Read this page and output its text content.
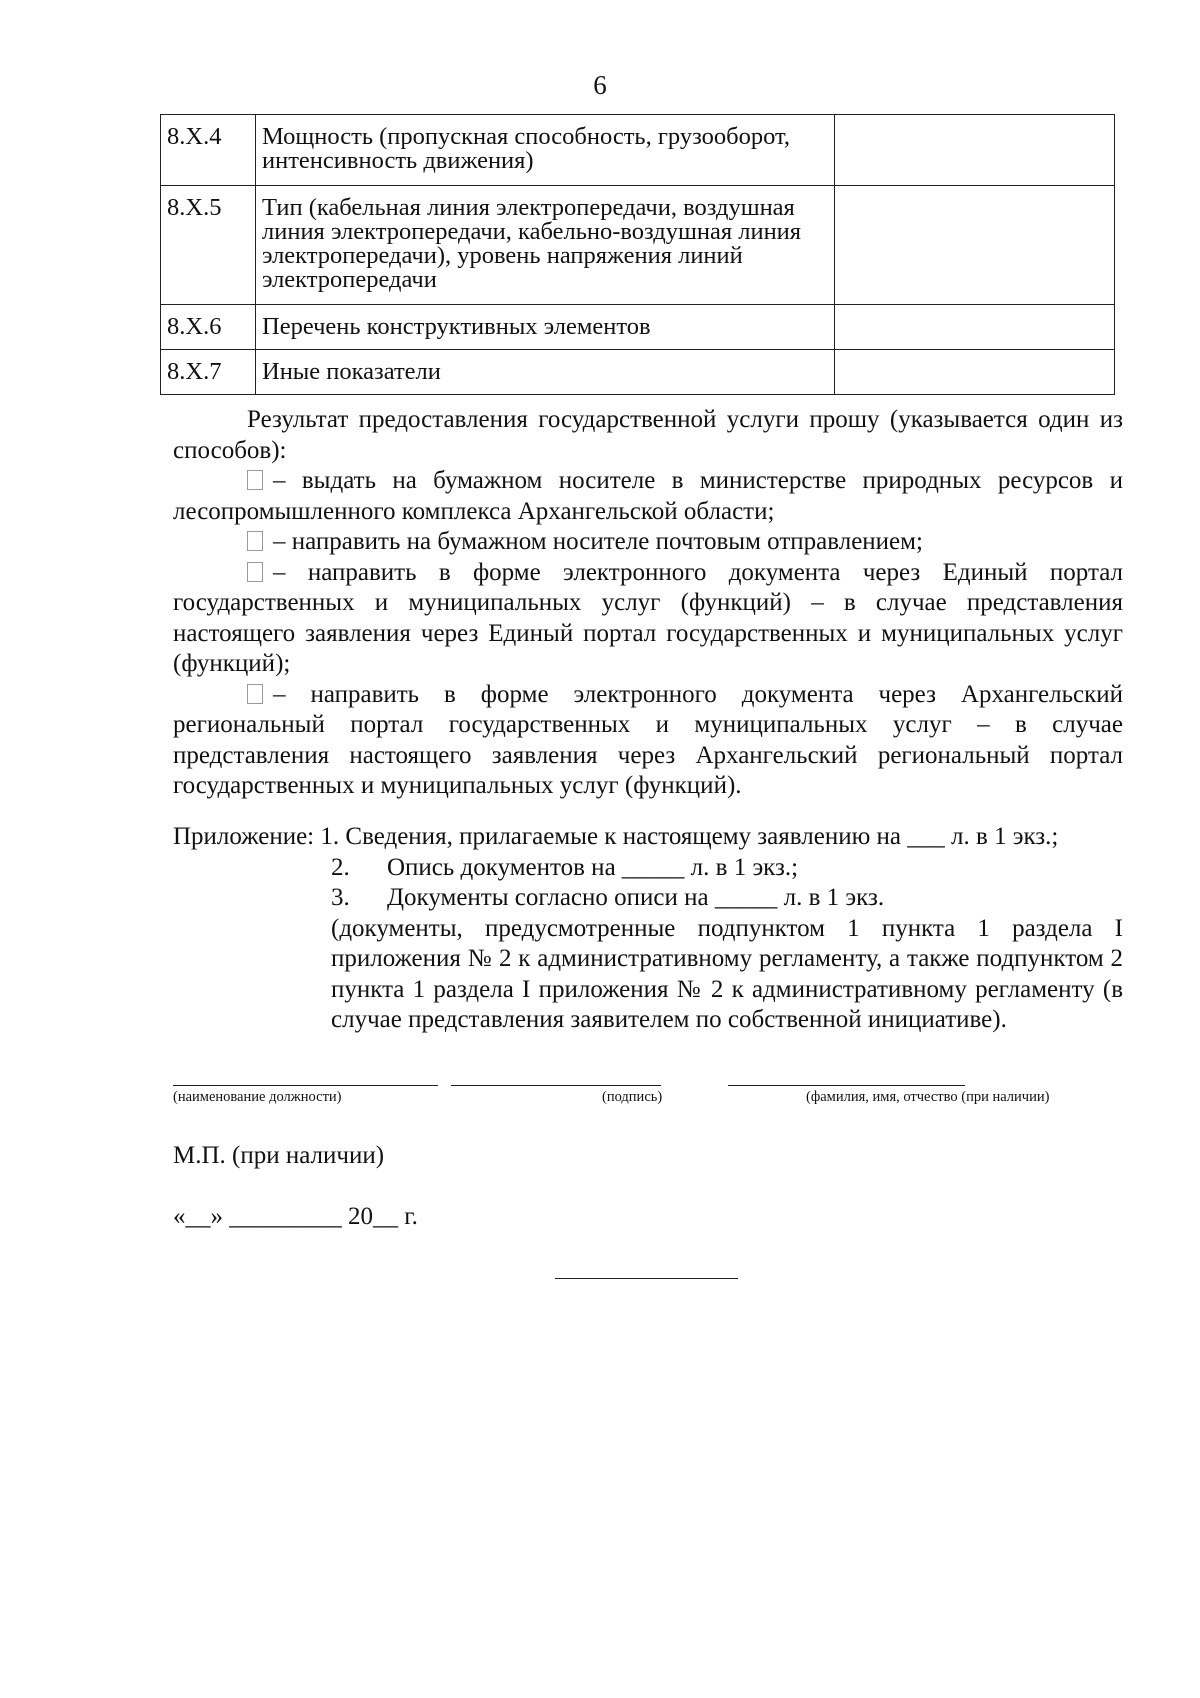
6
8.X.4	Мощность (пропускная способность, грузооборот, интенсивность движения)	
8.X.5	Тип (кабельная линия электропередачи, воздушная линия электропередачи, кабельно-воздушная линия электропередачи), уровень напряжения линий электропередачи	
8.X.6	Перечень конструктивных элементов	
8.X.7	Иные показатели	

Результат предоставления государственной услуги прошу (указывается один из способов):

– выдать на бумажном носителе в министерстве природных ресурсов и лесопромышленного комплекса Архангельской области;

– направить на бумажном носителе почтовым отправлением;

– направить в форме электронного документа через Единый портал государственных и муниципальных услуг (функций) – в случае представления настоящего заявления через Единый портал государственных и муниципальных услуг (функций);

– направить в форме электронного документа через Архангельский региональный портал государственных и муниципальных услуг – в случае представления настоящего заявления через Архангельский региональный портал государственных и муниципальных услуг (функций).

Приложение: 1. Сведения, прилагаемые к настоящему заявлению на ___ л. в 1 экз.;
2. Опись документов на _____ л. в 1 экз.;
3. Документы согласно описи на _____ л. в 1 экз.
(документы, предусмотренные подпунктом 1 пункта 1 раздела I приложения № 2 к административному регламенту, а также подпунктом 2 пункта 1 раздела I приложения № 2 к административному регламенту (в случае представления заявителем по собственной инициативе).
(наименование должности)	(подпись)	(фамилия, имя, отчество (при наличии)
М.П. (при наличии)
«__» _________ 20__ г.
